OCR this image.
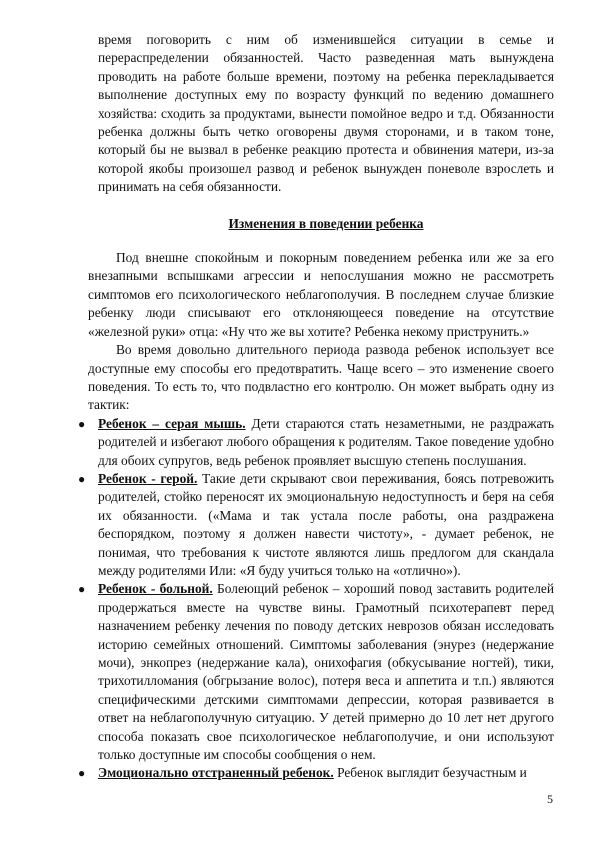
время поговорить с ним об изменившейся ситуации в семье и перераспределении обязанностей. Часто разведенная мать вынуждена проводить на работе больше времени, поэтому на ребенка перекладывается выполнение доступных ему по возрасту функций по ведению домашнего хозяйства: сходить за продуктами, вынести помойное ведро и т.д. Обязанности ребенка должны быть четко оговорены двумя сторонами, и в таком тоне, который бы не вызвал в ребенке реакцию протеста и обвинения матери, из-за которой якобы произошел развод и ребенок вынужден поневоле взрослеть и принимать на себя обязанности.

Изменения в поведении ребенка

Под внешне спокойным и покорным поведением ребенка или же за его внезапными вспышками агрессии и непослушания можно не рассмотреть симптомов его психологического неблагополучия. В последнем случае близкие ребенку люди списывают его отклоняющееся поведение на отсутствие «железной руки» отца: «Ну что же вы хотите? Ребенка некому приструнить.»

Во время довольно длительного периода развода ребенок использует все доступные ему способы его предотвратить. Чаще всего – это изменение своего поведения. То есть то, что подвластно его контролю. Он может выбрать одну из тактик:

● Ребенок – серая мышь. Дети стараются стать незаметными, не раздражать родителей и избегают любого обращения к родителям. Такое поведение удобно для обоих супругов, ведь ребенок проявляет высшую степень послушания.
● Ребенок - герой. Такие дети скрывают свои переживания, боясь потревожить родителей, стойко переносят их эмоциональную недоступность и беря на себя их обязанности. («Мама и так устала после работы, она раздражена беспорядком, поэтому я должен навести чистоту», - думает ребенок, не понимая, что требования к чистоте являются лишь предлогом для скандала между родителями Или: «Я буду учиться только на «отлично»).
● Ребенок - больной. Болеющий ребенок – хороший повод заставить родителей продержаться вместе на чувстве вины. Грамотный психотерапевт перед назначением ребенку лечения по поводу детских неврозов обязан исследовать историю семейных отношений. Симптомы заболевания (энурез (недержание мочи), энкопрез (недержание кала), онихофагия (обкусывание ногтей), тики, трихотилломания (обгрызание волос), потеря веса и аппетита и т.п.) являются специфическими детскими симптомами депрессии, которая развивается в ответ на неблагополучную ситуацию. У детей примерно до 10 лет нет другого способа показать свое психологическое неблагополучие, и они используют только доступные им способы сообщения о нем.
● Эмоционально отстраненный ребенок. Ребенок выглядит безучастным и
5
